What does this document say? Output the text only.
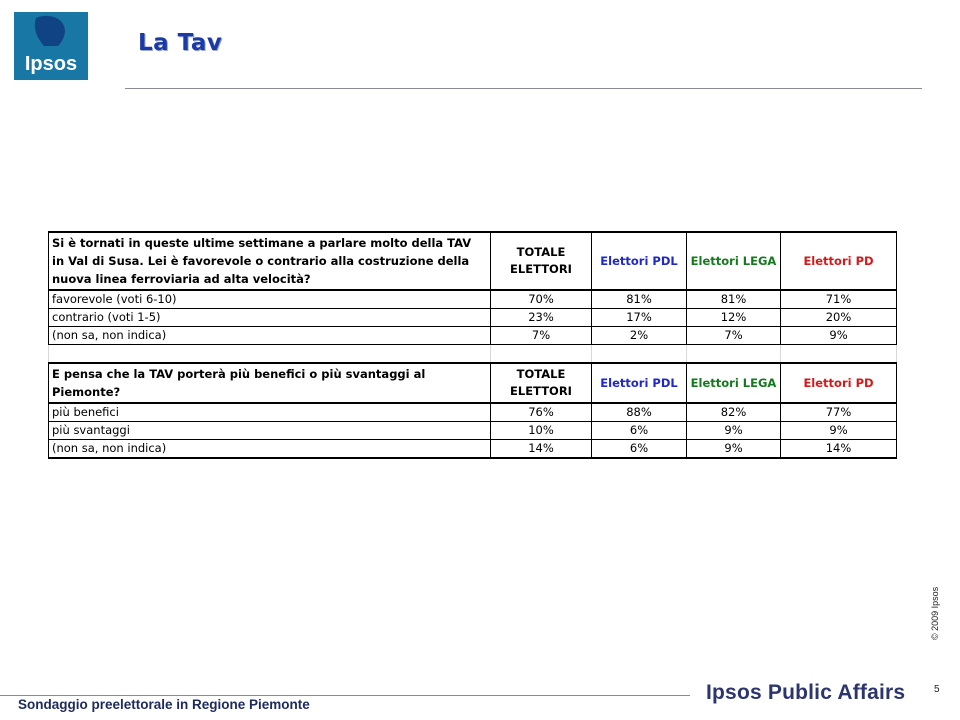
Ipsos
La Tav
Si è tornati in queste ultime settimane a parlare molto della TAV in Val di Susa. Lei è favorevole o contrario alla costruzione della nuova linea ferroviaria ad alta velocità?	TOTALE ELETTORI	Elettori PDL	Elettori LEGA	Elettori PD
favorevole (voti 6-10)	70%	81%	81%	71%
contrario (voti 1-5)	23%	17%	12%	20%
(non sa, non indica)	7%	2%	7%	9%

E pensa che la TAV porterà più benefici o più svantaggi al Piemonte?	TOTALE ELETTORI	Elettori PDL	Elettori LEGA	Elettori PD
più benefici	76%	88%	82%	77%
più svantaggi	10%	6%	9%	9%
(non sa, non indica)	14%	6%	9%	14%
© 2009 Ipsos
5
Ipsos Public Affairs
Sondaggio preelettorale in Regione Piemonte
